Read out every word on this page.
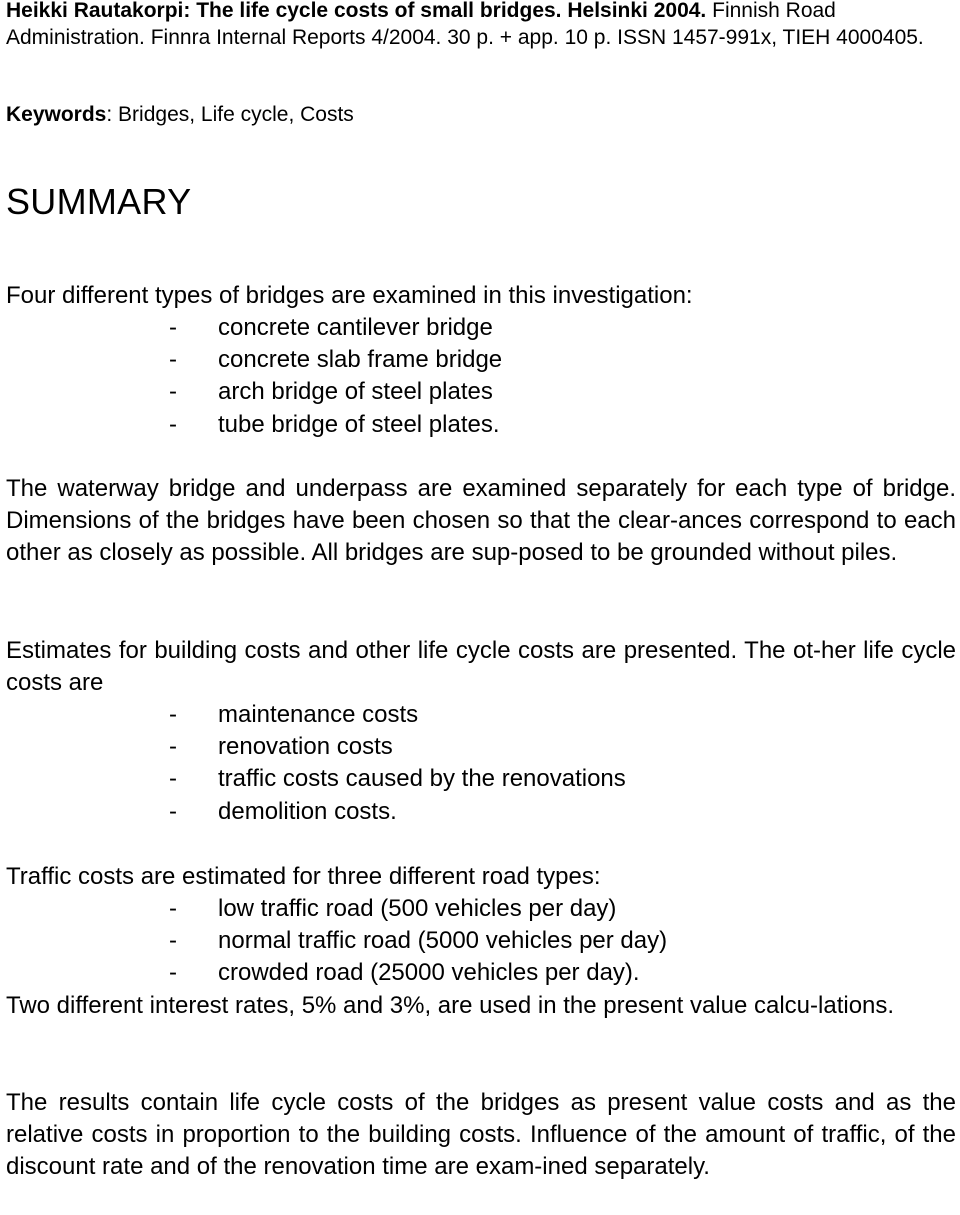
Heikki Rautakorpi: The life cycle costs of small bridges. Helsinki 2004. Finnish Road Administration. Finnra Internal Reports 4/2004. 30 p. + app. 10 p. ISSN 1457-991x, TIEH 4000405.
Keywords: Bridges, Life cycle, Costs
SUMMARY

Four different types of bridges are examined in this investigation:

- concrete cantilever bridge
- concrete slab frame bridge
- arch bridge of steel plates
- tube bridge of steel plates.

The waterway bridge and underpass are examined separately for each type of bridge. Dimensions of the bridges have been chosen so that the clear-ances correspond to each other as closely as possible. All bridges are sup-posed to be grounded without piles.

Estimates for building costs and other life cycle costs are presented. The ot-her life cycle costs are

- maintenance costs
- renovation costs
- traffic costs caused by the renovations
- demolition costs.

Traffic costs are estimated for three different road types:

- low traffic road (500 vehicles per day)
- normal traffic road (5000 vehicles per day)
- crowded road (25000 vehicles per day).

Two different interest rates, 5% and 3%, are used in the present value calcu-lations.

The results contain life cycle costs of the bridges as present value costs and as the relative costs in proportion to the building costs. Influence of the amount of traffic, of the discount rate and of the renovation time are exam-ined separately.
